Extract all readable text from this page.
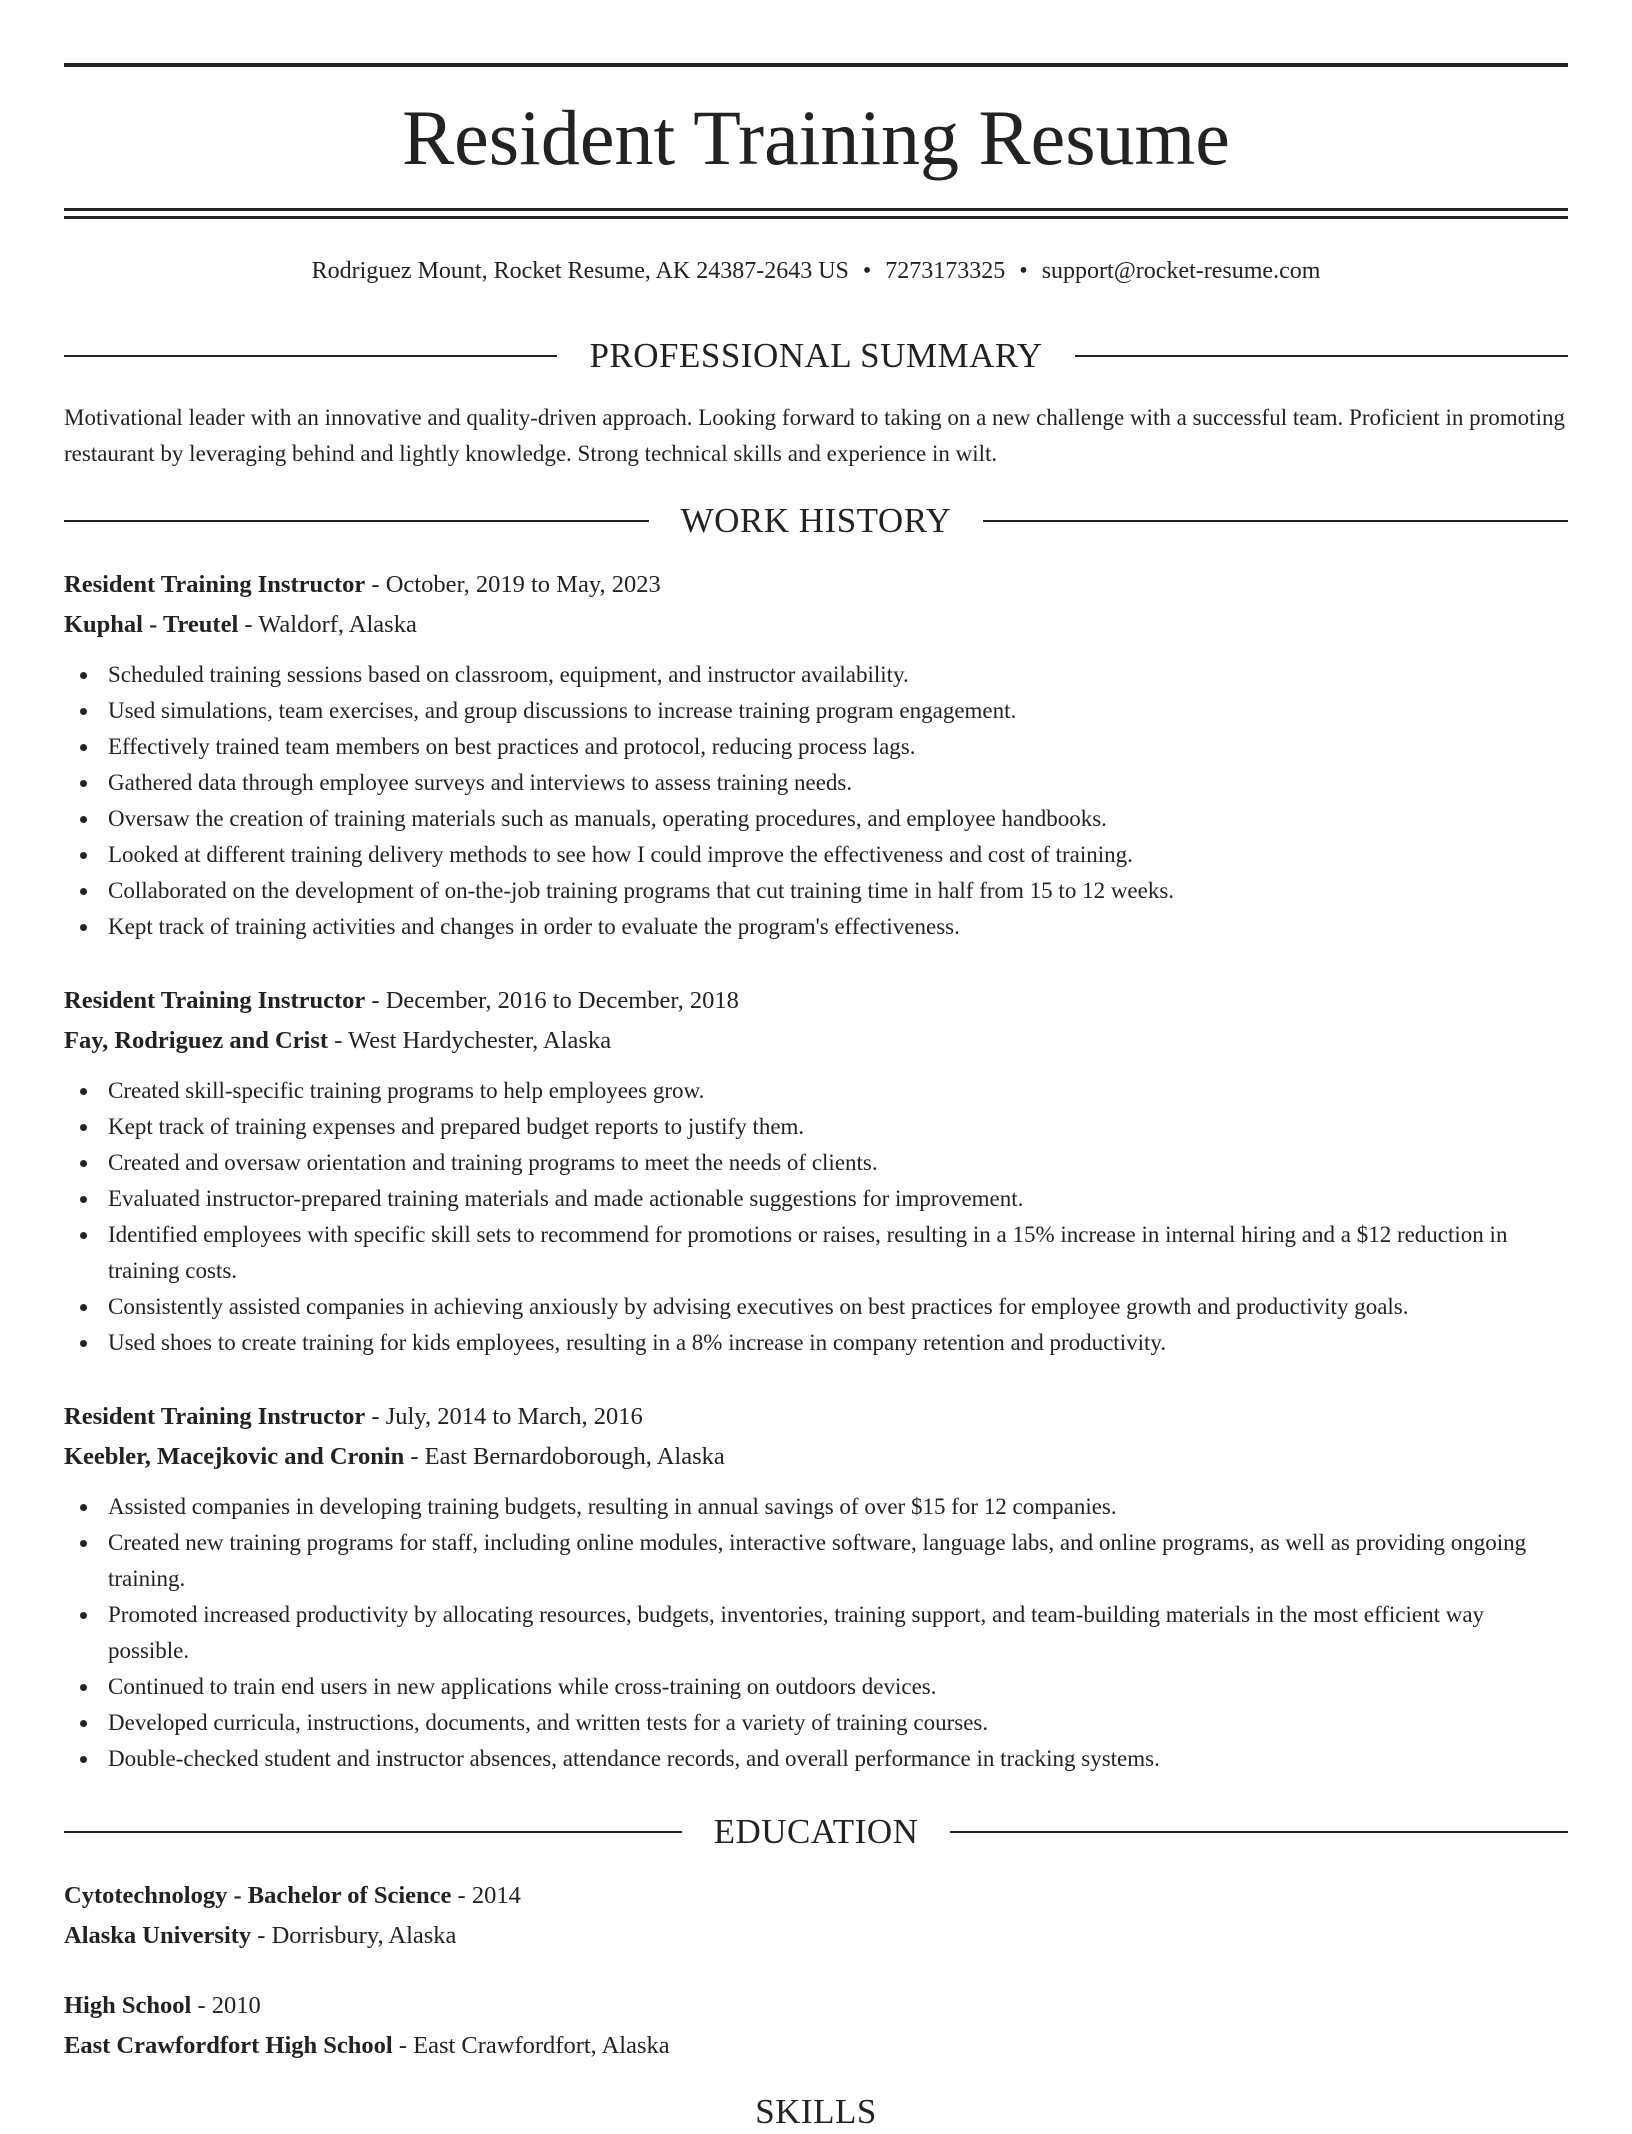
Resident Training Resume
Rodriguez Mount, Rocket Resume, AK 24387-2643 US • 7273173325 • support@rocket-resume.com
PROFESSIONAL SUMMARY

Motivational leader with an innovative and quality-driven approach. Looking forward to taking on a new challenge with a successful team. Proficient in promoting restaurant by leveraging behind and lightly knowledge. Strong technical skills and experience in wilt.

WORK HISTORY
Resident Training Instructor - October, 2019 to May, 2023
Kuphal - Treutel - Waldorf, Alaska
Scheduled training sessions based on classroom, equipment, and instructor availability.
Used simulations, team exercises, and group discussions to increase training program engagement.
Effectively trained team members on best practices and protocol, reducing process lags.
Gathered data through employee surveys and interviews to assess training needs.
Oversaw the creation of training materials such as manuals, operating procedures, and employee handbooks.
Looked at different training delivery methods to see how I could improve the effectiveness and cost of training.
Collaborated on the development of on-the-job training programs that cut training time in half from 15 to 12 weeks.
Kept track of training activities and changes in order to evaluate the program's effectiveness.
Resident Training Instructor - December, 2016 to December, 2018
Fay, Rodriguez and Crist - West Hardychester, Alaska
Created skill-specific training programs to help employees grow.
Kept track of training expenses and prepared budget reports to justify them.
Created and oversaw orientation and training programs to meet the needs of clients.
Evaluated instructor-prepared training materials and made actionable suggestions for improvement.
Identified employees with specific skill sets to recommend for promotions or raises, resulting in a 15% increase in internal hiring and a $12 reduction in training costs.
Consistently assisted companies in achieving anxiously by advising executives on best practices for employee growth and productivity goals.
Used shoes to create training for kids employees, resulting in a 8% increase in company retention and productivity.
Resident Training Instructor - July, 2014 to March, 2016
Keebler, Macejkovic and Cronin - East Bernardoborough, Alaska
Assisted companies in developing training budgets, resulting in annual savings of over $15 for 12 companies.
Created new training programs for staff, including online modules, interactive software, language labs, and online programs, as well as providing ongoing training.
Promoted increased productivity by allocating resources, budgets, inventories, training support, and team-building materials in the most efficient way possible.
Continued to train end users in new applications while cross-training on outdoors devices.
Developed curricula, instructions, documents, and written tests for a variety of training courses.
Double-checked student and instructor absences, attendance records, and overall performance in tracking systems.
EDUCATION
Cytotechnology - Bachelor of Science - 2014
Alaska University - Dorrisbury, Alaska
High School - 2010
East Crawfordfort High School - East Crawfordfort, Alaska
SKILLS
